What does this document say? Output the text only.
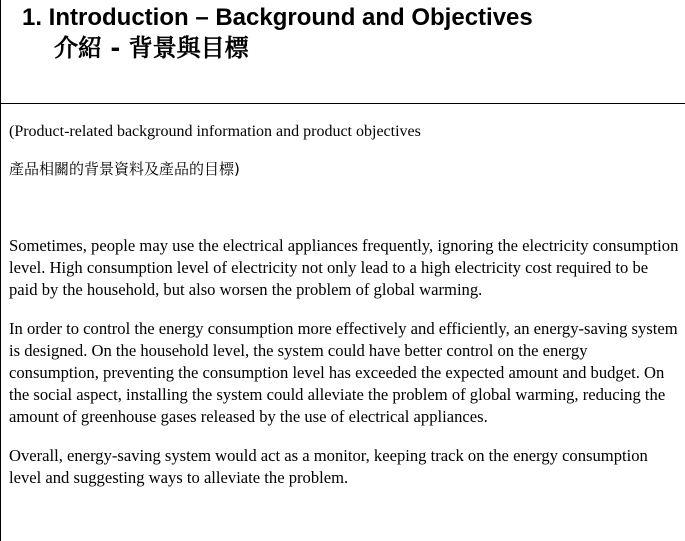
1. Introduction – Background and Objectives
介紹 - 背景與目標

(Product-related background information and product objectives

產品相關的背景資料及產品的目標)

Sometimes, people may use the electrical appliances frequently, ignoring the electricity consumption level. High consumption level of electricity not only lead to a high electricity cost required to be paid by the household, but also worsen the problem of global warming.

In order to control the energy consumption more effectively and efficiently, an energy-saving system is designed. On the household level, the system could have better control on the energy consumption, preventing the consumption level has exceeded the expected amount and budget. On the social aspect, installing the system could alleviate the problem of global warming, reducing the amount of greenhouse gases released by the use of electrical appliances.

Overall, energy-saving system would act as a monitor, keeping track on the energy consumption level and suggesting ways to alleviate the problem.
